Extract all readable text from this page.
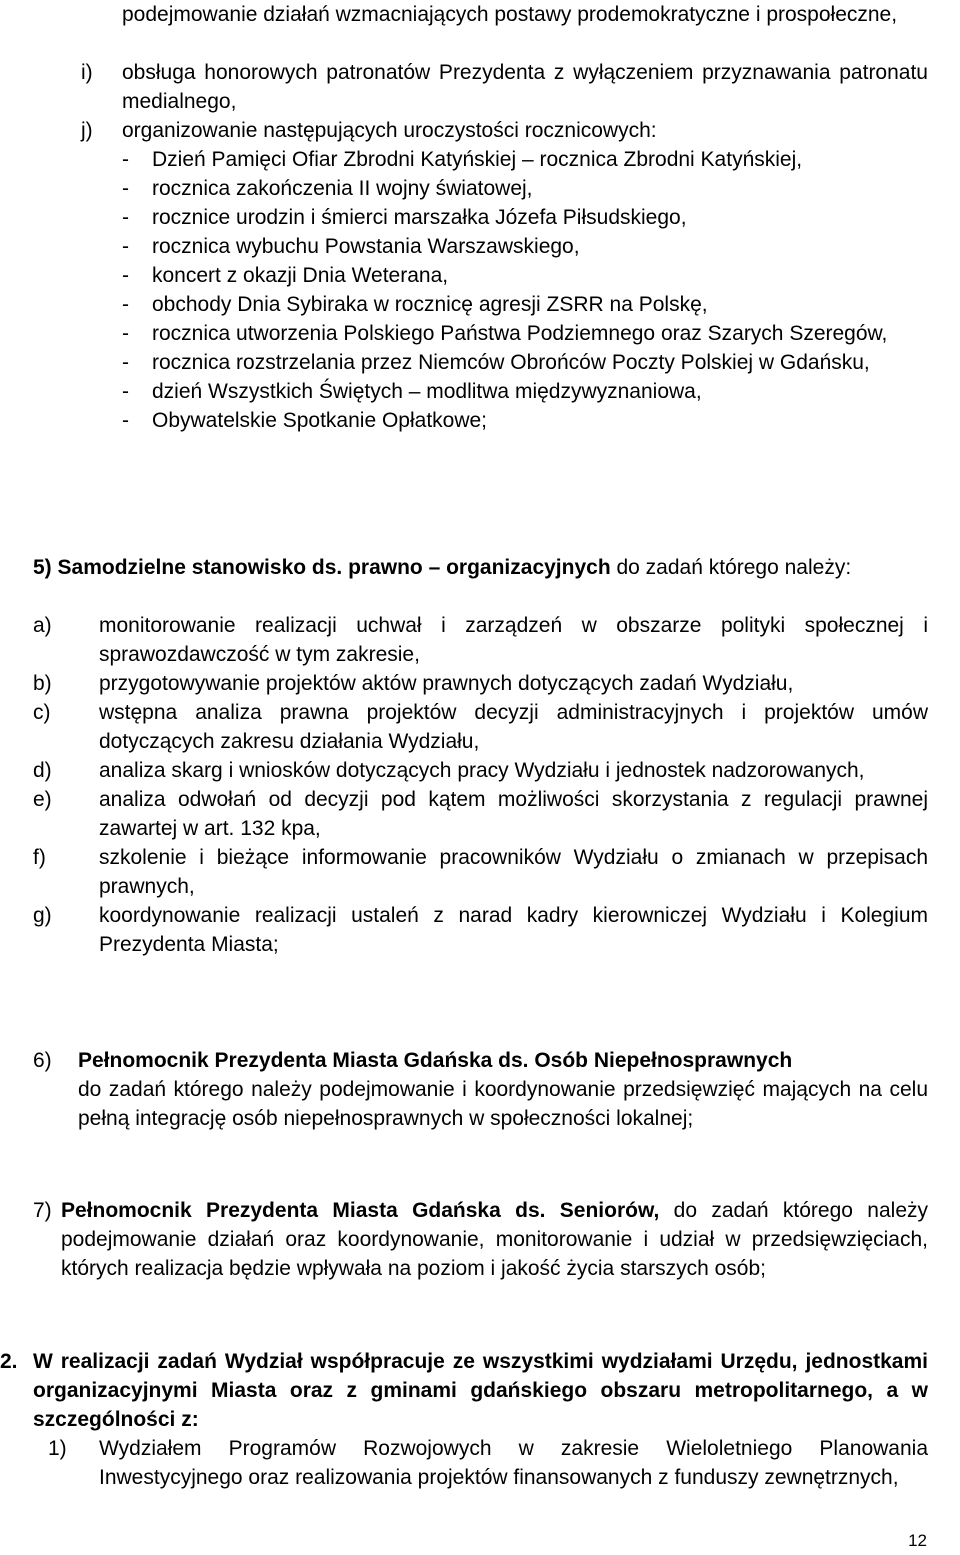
podejmowanie działań wzmacniających postawy prodemokratyczne i prospołeczne,
i)	obsługa honorowych patronatów Prezydenta z wyłączeniem przyznawania patronatu medialnego,
j)	organizowanie następujących uroczystości rocznicowych:
-	Dzień Pamięci Ofiar Zbrodni Katyńskiej – rocznica Zbrodni Katyńskiej,
-	rocznica zakończenia II wojny światowej,
-	rocznice urodzin i śmierci marszałka Józefa Piłsudskiego,
-	rocznica wybuchu Powstania Warszawskiego,
-	koncert z okazji Dnia Weterana,
-	obchody Dnia Sybiraka w rocznicę agresji ZSRR na Polskę,
-	rocznica utworzenia Polskiego Państwa Podziemnego oraz Szarych Szeregów,
-	rocznica rozstrzelania przez Niemców Obrońców Poczty Polskiej w Gdańsku,
-	dzień Wszystkich Świętych – modlitwa międzywyznaniowa,
-	Obywatelskie Spotkanie Opłatkowe;
5) Samodzielne stanowisko ds. prawno – organizacyjnych do zadań którego należy:
a)	monitorowanie realizacji uchwał i zarządzeń w obszarze polityki społecznej i sprawozdawczość w tym zakresie,
b)	przygotowywanie projektów aktów prawnych dotyczących zadań Wydziału,
c)	wstępna analiza prawna projektów decyzji administracyjnych i projektów umów dotyczących zakresu działania Wydziału,
d)	analiza skarg i wniosków dotyczących pracy Wydziału i jednostek nadzorowanych,
e)	analiza odwołań od decyzji pod kątem możliwości skorzystania z regulacji prawnej zawartej w art. 132 kpa,
f)	szkolenie i bieżące informowanie pracowników Wydziału o zmianach w przepisach prawnych,
g)	koordynowanie realizacji ustaleń z narad kadry kierowniczej Wydziału i Kolegium Prezydenta Miasta;
6)	Pełnomocnik Prezydenta Miasta Gdańska ds. Osób Niepełnosprawnych
do zadań którego należy podejmowanie i koordynowanie przedsięwzięć mających na celu pełną integrację osób niepełnosprawnych w społeczności lokalnej;
7) Pełnomocnik Prezydenta Miasta Gdańska ds. Seniorów, do zadań którego należy podejmowanie działań oraz koordynowanie, monitorowanie i udział w przedsięwzięciach, których realizacja będzie wpływała na poziom i jakość życia starszych osób;
2. W realizacji zadań Wydział współpracuje ze wszystkimi wydziałami Urzędu, jednostkami organizacyjnymi Miasta oraz z gminami gdańskiego obszaru metropolitarnego, a w szczególności z:
1)	Wydziałem Programów Rozwojowych w zakresie Wieloletniego Planowania Inwestycyjnego oraz realizowania projektów finansowanych z funduszy zewnętrznych,
12
